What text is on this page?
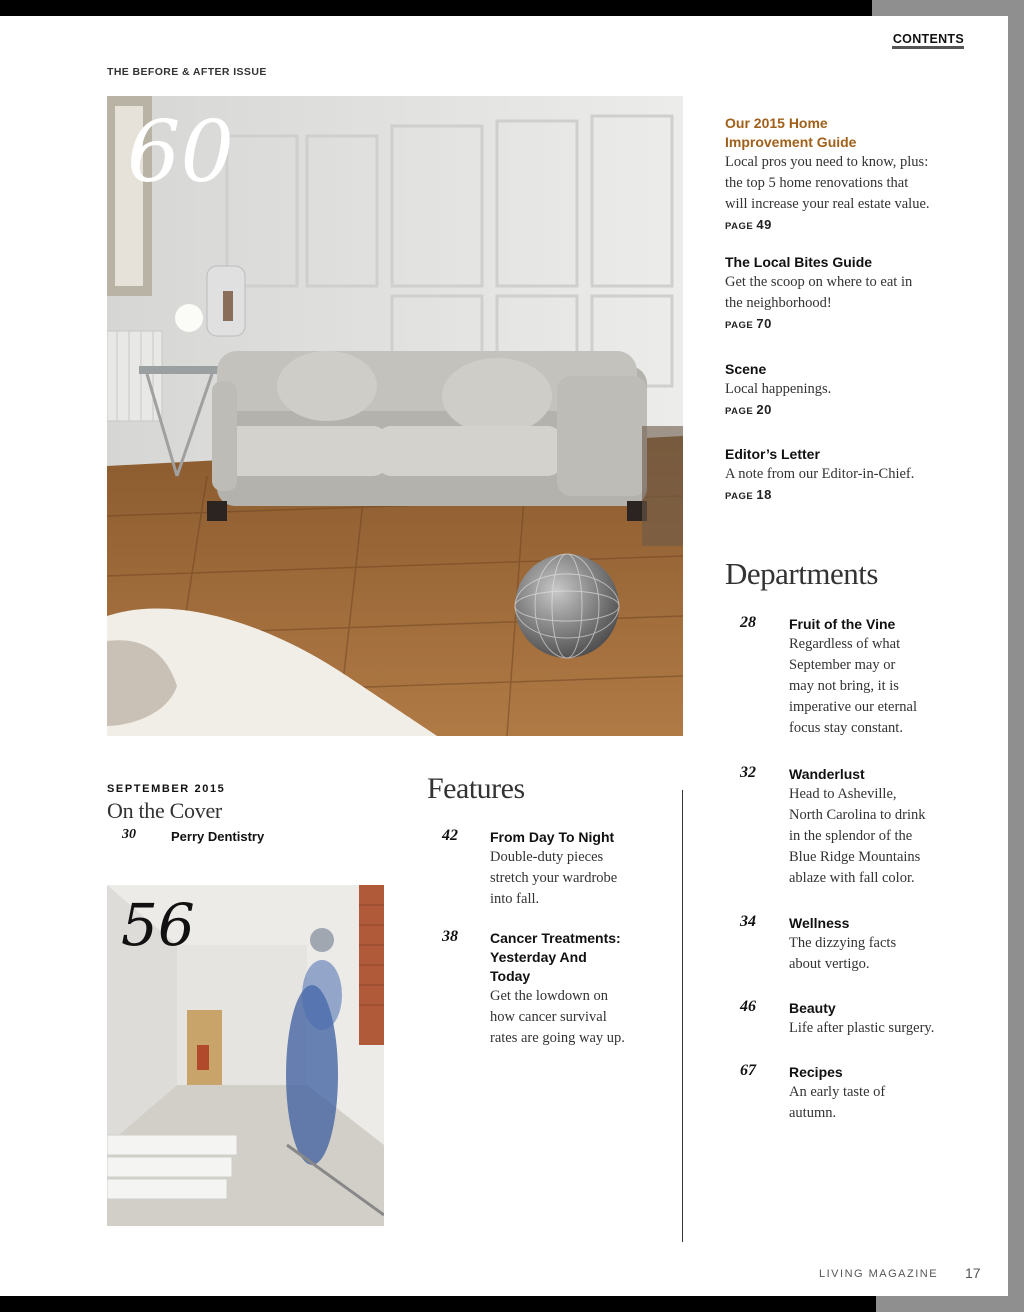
CONTENTS
THE BEFORE & AFTER ISSUE
60	Our 2015 Home
Improvement Guide
Local pros you need to know, plus:
the top 5 home renovations that
will increase your real estate value.
PAGE 49
The Local Bites Guide
Get the scoop on where to eat in
the neighborhood!
PAGE 70
Scene
Local happenings.
PAGE 20
Editor’s Letter
A note from our Editor-in-Chief.
PAGE 18
Departments
28 Fruit of the Vine
Regardless of what
September may or
may not bring, it is
imperative our eternal
focus stay constant.
32 Wanderlust
Head to Asheville,
North Carolina to drink
in the splendor of the
Blue Ridge Mountains
ablaze with fall color.
34 Wellness
The dizzying facts
about vertigo.
46 Beauty
Life after plastic surgery.
67 Recipes
An early taste of
autumn.
SEPTEMBER 2015
On the Cover
30	Perry Dentistry
56
Features
42 From Day To Night
Double-duty pieces
stretch your wardrobe
into fall.
38 Cancer Treatments:
Yesterday And
Today
Get the lowdown on
how cancer survival
rates are going way up.
LIVING MAGAZINE 17
